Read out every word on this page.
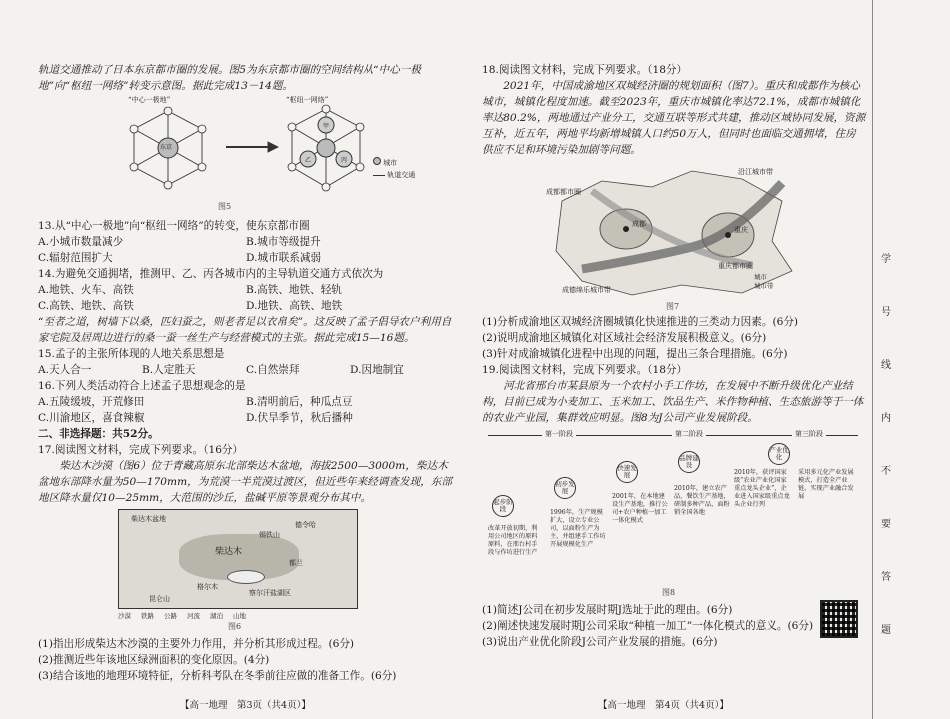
轨道交通推动了日本东京都市圈的发展。图5为东京都市圈的空间结构从“中心一极地”向“枢纽一网络”转变示意图。据此完成13－14题。

“中心一极地”	“枢纽一网络”
东京
甲
乙	丙	城市
轨道交通
图5

13.从“中心一极地”向“枢纽一网络”的转变，使东京都市圈

A.小城市数量减少	B.城市等级提升
C.辐射范围扩大	D.城市联系减弱

14.为避免交通拥堵，推测甲、乙、丙各城市内的主导轨道交通方式依次为

A.地铁、火车、高铁	B.高铁、地铁、轻轨
C.高铁、地铁、高铁	D.地铁、高铁、地铁

“至者之道，树墙下以桑，匹妇蚕之，则老者足以衣帛矣”。这反映了孟子倡导农户利用自家宅院及居周边进行的桑一蚕一丝生产与经营模式的主张。据此完成15—16题。

15.孟子的主张所体现的人地关系思想是

A.天人合一	B.人定胜天	C.自然崇拜	D.因地制宜

16.下列人类活动符合上述孟子思想观念的是

A.五陵缓坡，开荒修田	B.清明前后，种瓜点豆
C.川渝地区，喜食辣椒	D.伏旱季节，秋后播种

二、非选择题：共52分。

17.阅读图文材料，完成下列要求。（16分）

柴达木沙漠（图6）位于青藏高原东北部柴达木盆地，海拔2500—3000m，柴达木盆地东部降水量为50—170mm，为荒漠一半荒漠过渡区，但近些年来经调查发现，东部地区降水量仅10—25mm，大范围的沙丘，盐碱平原等景观分布其中。

柴达木盆地
德令哈
都兰
格尔木
柴达木
昆仑山
察尔汗盐湖区
锡铁山
沙漠 铁路 公路 河流 湖泊 山地
图6

(1)指出形成柴达木沙漠的主要外力作用，并分析其形成过程。(6分)

(2)推测近些年该地区绿洲面积的变化原因。(4分)

(3)结合该地的地理环境特征，分析科考队在冬季前往应做的准备工作。(6分)

【高一地理　第3页（共4页）】

18.阅读图文材料，完成下列要求。（18分）

2021年，中国成渝地区双城经济圈的规划面积（图7）。重庆和成都作为核心城市，城镇化程度加速。截至2023年，重庆市城镇化率达72.1%，成都市城镇化率达80.2%，两地通过产业分工，交通互联等形式共建，推动区域协同发展，资源互补，近五年，两地平均新增城镇人口约50万人，但同时也面临交通拥堵，住房供应不足和环境污染加剧等问题。

成都都市圈
沿江城市带
成都
重庆
重庆都市圈
成德绵乐城市带
城市
城市带
图7

(1)分析成渝地区双城经济圈城镇化快速推进的三类动力因素。(6分)

(2)说明成渝地区城镇化对区域社会经济发展积极意义。(6分)

(3)针对成渝城镇化进程中出现的问题，提出三条合理措施。(6分)

19.阅读图文材料，完成下列要求。（18分）

河北省邢台市某县原为一个农村小手工作坊，在发展中不断升级优化产业结构，目前已成为小麦加工、玉米加工、饮品生产、米作物种植、生态旅游等于一体的农业产业园，集群效应明显。图8为J公司产业发展阶段。

第一阶段	第二阶段	第三阶段
起步阶段
初步发展
快速发展
品牌建设
产业优化
改革开放初期，利用公司地区的原料原料，在邢台村手段与作坊进行生产
1996年，生产规模扩大，设立专业公司，以面粉生产为主，并组建手工作坊开展规模化生产
2001年，在本地建设生产基地，推行公司+农户种植一加工一体化模式
2010年，建立农产品，餐饮生产基地，研制多种产品，面粉销全国各地
2010年，获评国家级“农业产业化国家重点龙头企业”，企业进入国家级重点龙头企业行列
采用多元化产业发展模式，打造全产业链，实现产业融合发展
图8

(1)简述J公司在初步发展时期J选址于此的理由。(6分)

(2)阐述快速发展时期J公司采取“种植一加工”一体化模式的意义。(6分)

(3)说出产业优化阶段J公司产业发展的措施。(6分)

【高一地理　第4页（共4页）】
学
号
线
内
不
要
答
题
